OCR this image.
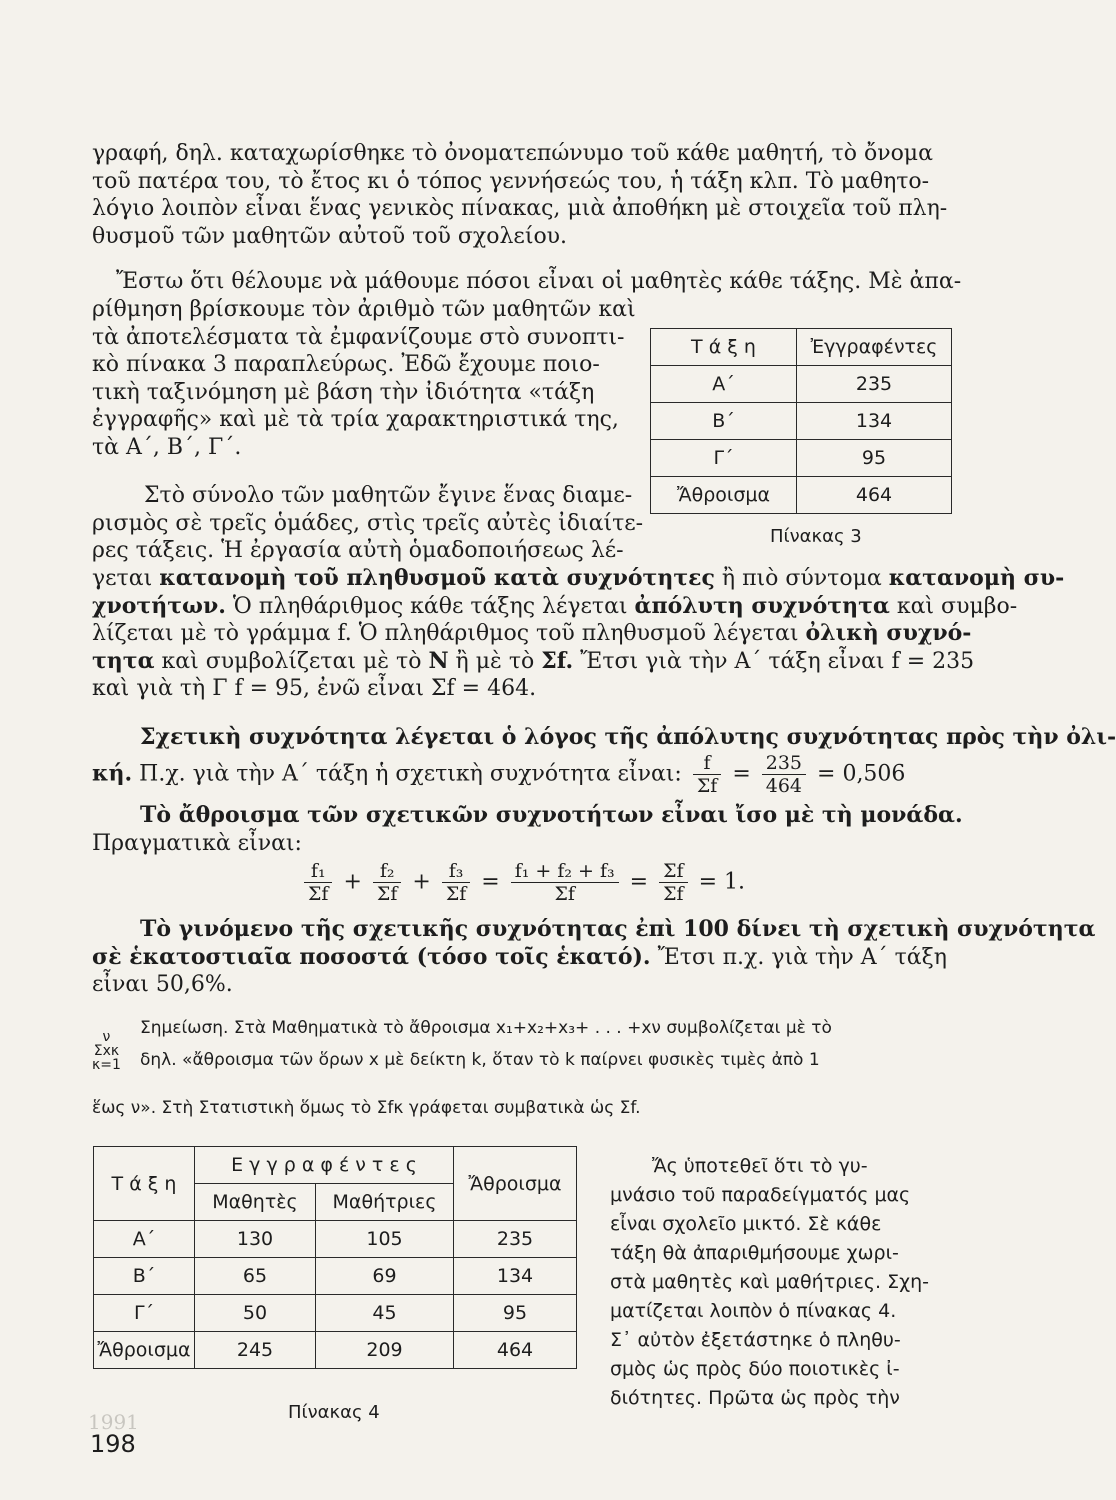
γραφή, δηλ. καταχωρίσθηκε τὸ ὀνοματεπώνυμο τοῦ κάθε μαθητή, τὸ ὄνομα
τοῦ πατέρα του, τὸ ἔτος κι ὁ τόπος γεννήσεώς του, ἡ τάξη κλπ. Τὸ μαθητο-
λόγιο λοιπὸν εἶναι ἕνας γενικὸς πίνακας, μιὰ ἀποθήκη μὲ στοιχεῖα τοῦ πλη-
θυσμοῦ τῶν μαθητῶν αὐτοῦ τοῦ σχολείου.
Ἔστω ὅτι θέλουμε νὰ μάθουμε πόσοι εἶναι οἱ μαθητὲς κάθε τάξης. Μὲ ἀπα-
ρίθμηση βρίσκουμε τὸν ἀριθμὸ τῶν μαθητῶν καὶ
τὰ ἀποτελέσματα τὰ ἐμφανίζουμε στὸ συνοπτι-
κὸ πίνακα 3 παραπλεύρως. Ἐδῶ ἔχουμε ποιο-
τικὴ ταξινόμηση μὲ βάση τὴν ἰδιότητα «τάξη
ἐγγραφῆς» καὶ μὲ τὰ τρία χαρακτηριστικά της,
τὰ Α΄, Β΄, Γ΄.
Τ ά ξ η	Ἐγγραφέντες
Α΄	235
Β΄	134
Γ΄	95
Ἄθροισμα	464
Πίνακας 3
Στὸ σύνολο τῶν μαθητῶν ἔγινε ἕνας διαμε-
ρισμὸς σὲ τρεῖς ὁμάδες, στὶς τρεῖς αὐτὲς ἰδιαίτε-
ρες τάξεις. Ἡ ἐργασία αὐτὴ ὁμαδοποιήσεως λέ-
γεται κατανομὴ τοῦ πληθυσμοῦ κατὰ συχνότητες ἢ πιὸ σύντομα κατανομὴ συ-
χνοτήτων. Ὁ πληθάριθμος κάθε τάξης λέγεται ἀπόλυτη συχνότητα καὶ συμβο-
λίζεται μὲ τὸ γράμμα f. Ὁ πληθάριθμος τοῦ πληθυσμοῦ λέγεται ὀλικὴ συχνό-
τητα καὶ συμβολίζεται μὲ τὸ N ἢ μὲ τὸ Σf. Ἔτσι γιὰ τὴν Α΄ τάξη εἶναι f = 235
καὶ γιὰ τὴ Γ f = 95, ἐνῶ εἶναι Σf = 464.
Σχετικὴ συχνότητα λέγεται ὁ λόγος τῆς ἀπόλυτης συχνότητας πρὸς τὴν ὀλι-
κή. Π.χ. γιὰ τὴν Α΄ τάξη ἡ σχετικὴ συχνότητα εἶναι: $\frac{f}{\Sigma f} = \frac{235}{464} = 0,506$
Τὸ ἄθροισμα τῶν σχετικῶν συχνοτήτων εἶναι ἴσο μὲ τὴ μονάδα.
Πραγματικὰ εἶναι:
$\frac{\text{f₁}}{\Sigma f} + \frac{\text{f₂}}{\Sigma f} + \frac{\text{f₃}}{\Sigma f} = \frac{\text{f₁ + f₂ + f₃}}{\Sigma f} = \frac{\Sigma f}{\Sigma f} = 1$.
Τὸ γινόμενο τῆς σχετικῆς συχνότητας ἐπὶ 100 δίνει τὴ σχετικὴ συχνότητα
σὲ ἑκατοστιαῖα ποσοστά (τόσο τοῖς ἑκατό). Ἔτσι π.χ. γιὰ τὴν Α΄ τάξη
εἶναι 50,6%.
Σημείωση. Στὰ Μαθηματικὰ τὸ ἄθροισμα x₁+x₂+x₃+ . . . +xν συμβολίζεται μὲ τὸ
ν
Σxκ
κ=1 δηλ. «ἄθροισμα τῶν ὅρων x μὲ δείκτη k, ὅταν τὸ k παίρνει φυσικὲς τιμὲς ἀπὸ 1
ἕως ν». Στὴ Στατιστικὴ ὅμως τὸ Σfκ γράφεται συμβατικὰ ὡς Σf.
Τ ά ξ η	Ε γ γ ρ α φ έ ν τ ε ς		Ἄθροισμα
	Μαθητὲς	Μαθήτριες	
Α΄	130	105	235
Β΄	65	69	134
Γ΄	50	45	95
Ἄθροισμα	245	209	464
Πίνακας 4
Ἄς ὑποτεθεῖ ὅτι τὸ γυ-
μνάσιο τοῦ παραδείγματός μας
εἶναι σχολεῖο μικτό. Σὲ κάθε
τάξη θὰ ἀπαριθμήσουμε χωρι-
στὰ μαθητὲς καὶ μαθήτριες. Σχη-
ματίζεται λοιπὸν ὁ πίνακας 4.
Σ᾽ αὐτὸν ἐξετάστηκε ὁ πληθυ-
σμὸς ὡς πρὸς δύο ποιοτικὲς ἰ-
διότητες. Πρῶτα ὡς πρὸς τὴν
1991
198
